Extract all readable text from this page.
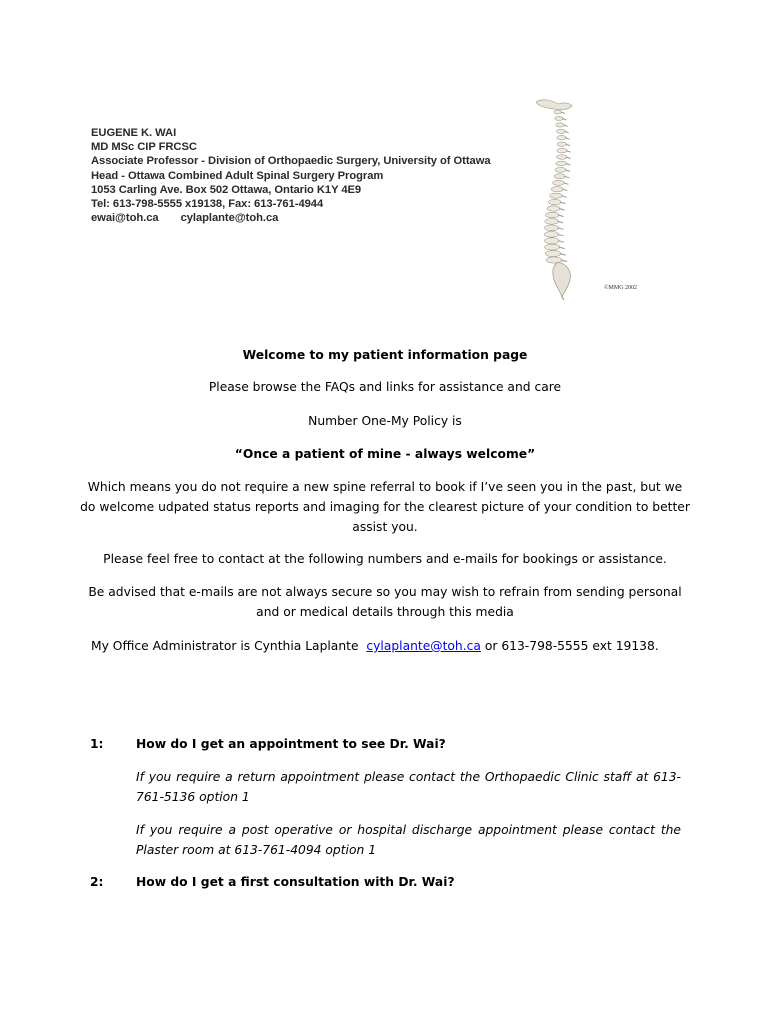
EUGENE K. WAI
MD MSc CIP FRCSC
Associate Professor - Division of Orthopaedic Surgery, University of Ottawa
Head - Ottawa Combined Adult Spinal Surgery Program
1053 Carling Ave. Box 502 Ottawa, Ontario K1Y 4E9
Tel: 613-798-5555 x19138, Fax: 613-761-4944
ewai@toh.ca cylaplante@toh.ca
©MMG 2002
Welcome to my patient information page
Please browse the FAQs and links for assistance and care
Number One-My Policy is
“Once a patient of mine - always welcome”
Which means you do not require a new spine referral to book if I’ve seen you in the past, but we do welcome udpated status reports and imaging for the clearest picture of your condition to better assist you.
Please feel free to contact at the following numbers and e-mails for bookings or assistance.
Be advised that e-mails are not always secure so you may wish to refrain from sending personal and or medical details through this media
My Office Administrator is Cynthia Laplante cylaplante@toh.ca or 613-798-5555 ext 19138.
1:	How do I get an appointment to see Dr. Wai?
If you require a return appointment please contact the Orthopaedic Clinic staff at 613-761-5136 option 1
If you require a post operative or hospital discharge appointment please contact the Plaster room at 613-761-4094 option 1
2:	How do I get a first consultation with Dr. Wai?
